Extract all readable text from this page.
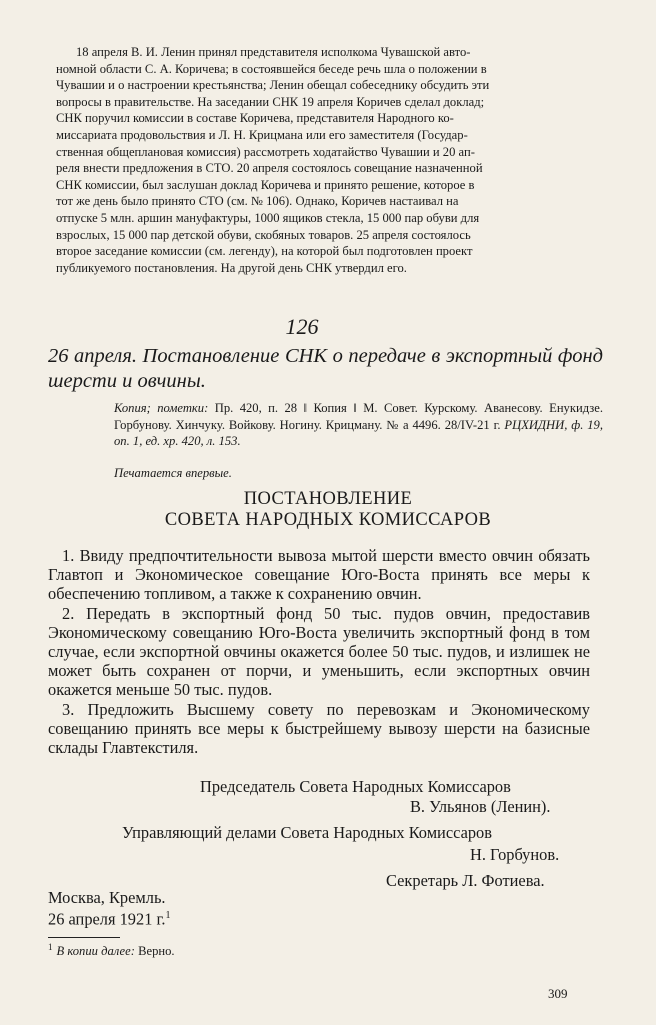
18 апреля В. И. Ленин принял представителя исполкома Чувашской авто-

номной области С. А. Коричева; в состоявшейся беседе речь шла о положении в
Чувашии и о настроении крестьянства; Ленин обещал собеседнику обсудить эти
вопросы в правительстве. На заседании СНК 19 апреля Коричев сделал доклад;
СНК поручил комиссии в составе Коричева, представителя Народного ко-
миссариата продовольствия и Л. Н. Крицмана или его заместителя (Государ-
ственная общеплановая комиссия) рассмотреть ходатайство Чувашии и 20 ап-
реля внести предложения в СТО. 20 апреля состоялось совещание назначенной
СНК комиссии, был заслушан доклад Коричева и принято решение, которое в
тот же день было принято СТО (см. № 106). Однако, Коричев настаивал на
отпуске 5 млн. аршин мануфактуры, 1000 ящиков стекла, 15 000 пар обуви для
взрослых, 15 000 пар детской обуви, скобяных товаров. 25 апреля состоялось
второе заседание комиссии (см. легенду), на которой был подготовлен проект
публикуемого постановления. На другой день СНК утвердил его.
126
26 апреля. Постановление СНК о передаче в экспортный фонд шерсти и овчины.
Копия; пометки: Пр. 420, п. 28 ‖ Копия ‖ М. Совет. Курскому. Аванесову. Енукидзе. Горбунову. Хинчуку. Войкову. Ногину. Крицману. № а 4496. 28/IV-21 г. РЦХИДНИ, ф. 19, оп. 1, ед. хр. 420, л. 153.
Печатается впервые.
ПОСТАНОВЛЕНИЕ
СОВЕТА НАРОДНЫХ КОМИССАРОВ

1. Ввиду предпочтительности вывоза мытой шерсти вместо овчин обязать Главтоп и Экономическое совещание Юго-Воста принять все меры к обеспечению топливом, а также к сохранению овчин.

2. Передать в экспортный фонд 50 тыс. пудов овчин, предоставив Экономическому совещанию Юго-Воста увеличить экспортный фонд в том случае, если экспортной овчины окажется более 50 тыс. пудов, и излишек не может быть сохранен от порчи, и уменьшить, если экспортных овчин окажется меньше 50 тыс. пудов.

3. Предложить Высшему совету по перевозкам и Экономическому совещанию принять все меры к быстрейшему вывозу шерсти на базисные склады Главтекстиля.

Председатель Совета Народных Комиссаров
В. Ульянов (Ленин).
Управляющий делами Совета Народных Комиссаров
Н. Горбунов.
Секретарь Л. Фотиева.
Москва, Кремль.
26 апреля 1921 г.$^1$
$^1$ В копии далее: Верно.
309
